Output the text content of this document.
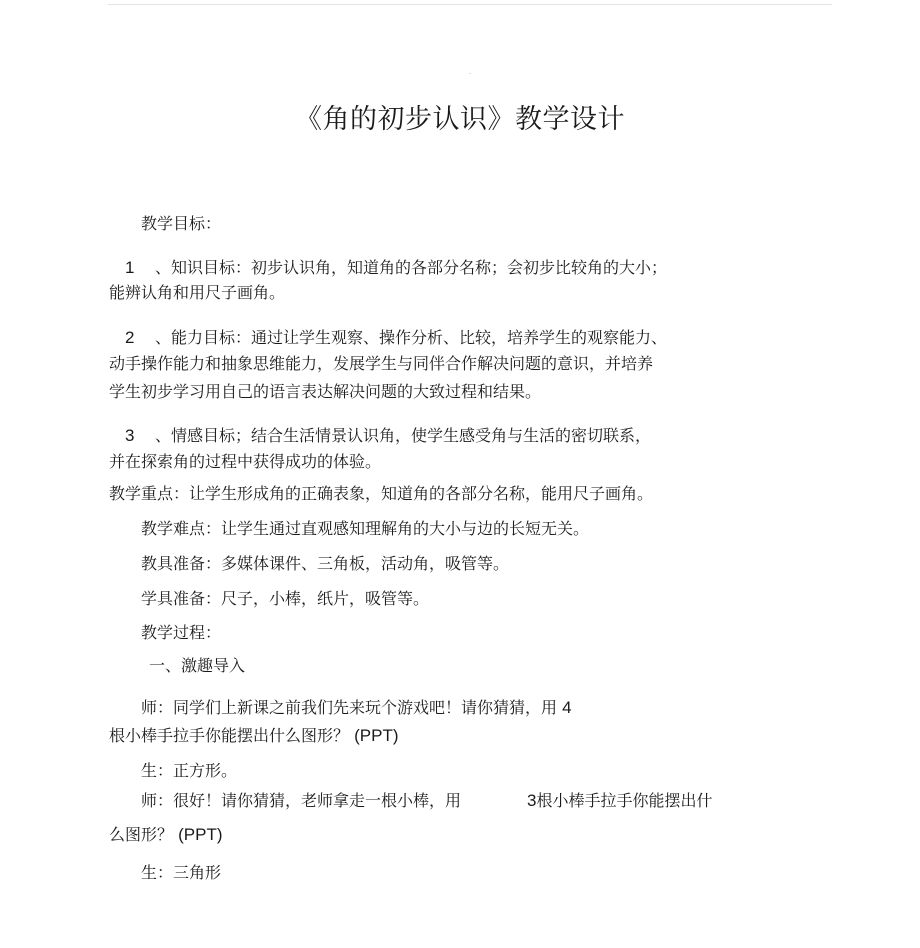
·
《角的初步认识》教学设计
教学目标：
1 、知识目标：初步认识角，知道角的各部分名称；会初步比较角的大小；
能辨认角和用尺子画角。
2 、能力目标：通过让学生观察、操作分析、比较，培养学生的观察能力、
动手操作能力和抽象思维能力，发展学生与同伴合作解决问题的意识，并培养
学生初步学习用自己的语言表达解决问题的大致过程和结果。
3 、情感目标；结合生活情景认识角，使学生感受角与生活的密切联系，
并在探索角的过程中获得成功的体验。
教学重点：让学生形成角的正确表象，知道角的各部分名称，能用尺子画角。
教学难点：让学生通过直观感知理解角的大小与边的长短无关。
教具准备：多媒体课件、三角板，活动角，吸管等。
学具准备：尺子，小棒，纸片，吸管等。
教学过程：
一、激趣导入
师：同学们上新课之前我们先来玩个游戏吧！请你猜猜，用 4
根小棒手拉手你能摆出什么图形？ (PPT)
生：正方形。
师：很好！请你猜猜，老师拿走一根小棒，用	3根小棒手拉手你能摆出什
么图形？ (PPT)
生：三角形
